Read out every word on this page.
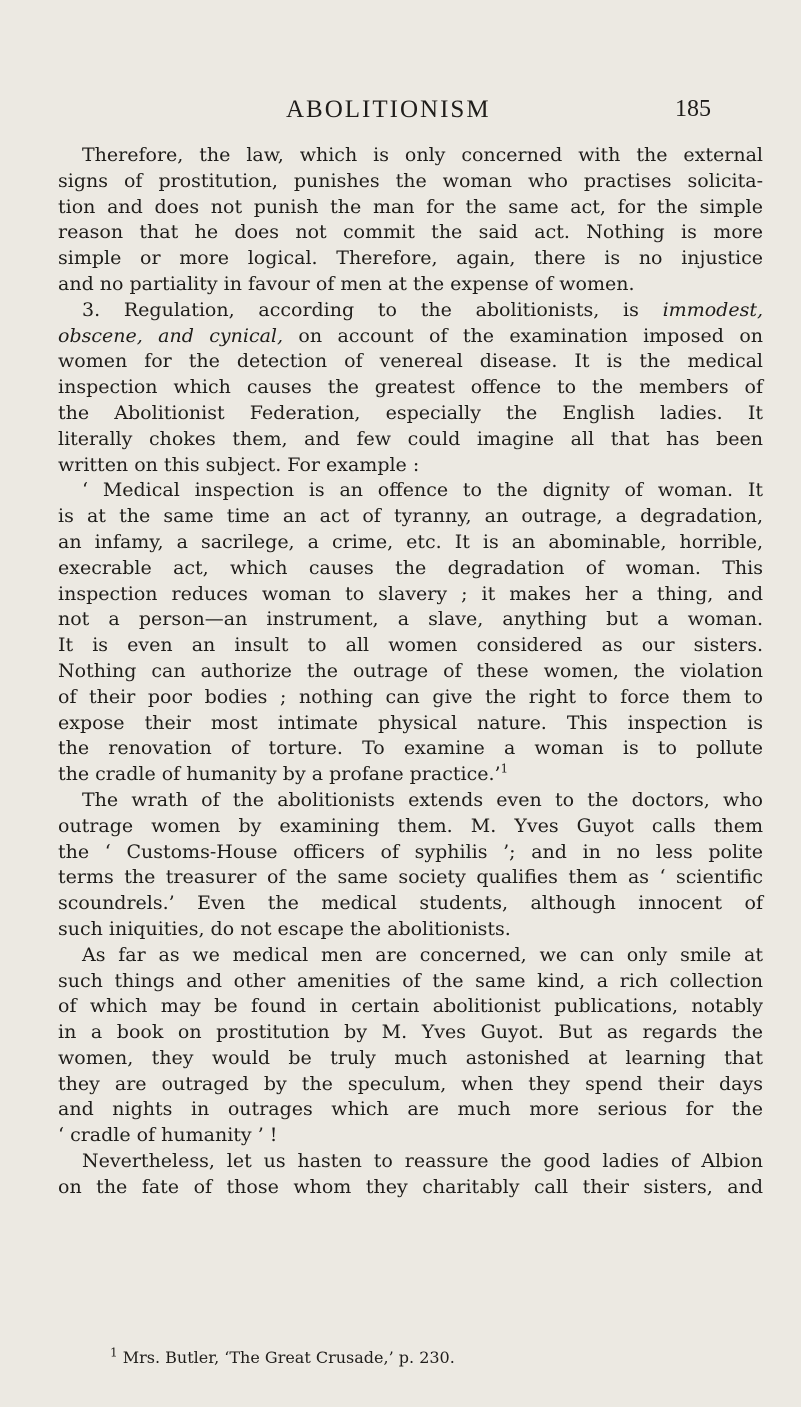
ABOLITIONISM	185
Therefore, the law, which is only concerned with the external
signs of prostitution, punishes the woman who practises solicita-
tion and does not punish the man for the same act, for the simple
reason that he does not commit the said act. Nothing is more
simple or more logical. Therefore, again, there is no injustice
and no partiality in favour of men at the expense of women.
3. Regulation, according to the abolitionists, is immodest,
obscene, and cynical, on account of the examination imposed on
women for the detection of venereal disease. It is the medical
inspection which causes the greatest offence to the members of
the Abolitionist Federation, especially the English ladies. It
literally chokes them, and few could imagine all that has been
written on this subject. For example :
‘ Medical inspection is an offence to the dignity of woman. It
is at the same time an act of tyranny, an outrage, a degradation,
an infamy, a sacrilege, a crime, etc. It is an abominable, horrible,
execrable act, which causes the degradation of woman. This
inspection reduces woman to slavery ; it makes her a thing, and
not a person—an instrument, a slave, anything but a woman.
It is even an insult to all women considered as our sisters.
Nothing can authorize the outrage of these women, the violation
of their poor bodies ; nothing can give the right to force them to
expose their most intimate physical nature. This inspection is
the renovation of torture. To examine a woman is to pollute
the cradle of humanity by a profane practice.’$^1$
The wrath of the abolitionists extends even to the doctors, who
outrage women by examining them. M. Yves Guyot calls them
the ‘ Customs-House officers of syphilis ’; and in no less polite
terms the treasurer of the same society qualifies them as ‘ scientific
scoundrels.’ Even the medical students, although innocent of
such iniquities, do not escape the abolitionists.
As far as we medical men are concerned, we can only smile at
such things and other amenities of the same kind, a rich collection
of which may be found in certain abolitionist publications, notably
in a book on prostitution by M. Yves Guyot. But as regards the
women, they would be truly much astonished at learning that
they are outraged by the speculum, when they spend their days
and nights in outrages which are much more serious for the
‘ cradle of humanity ’ !
Nevertheless, let us hasten to reassure the good ladies of Albion
on the fate of those whom they charitably call their sisters, and
$^1$ Mrs. Butler, ‘The Great Crusade,’ p. 230.
